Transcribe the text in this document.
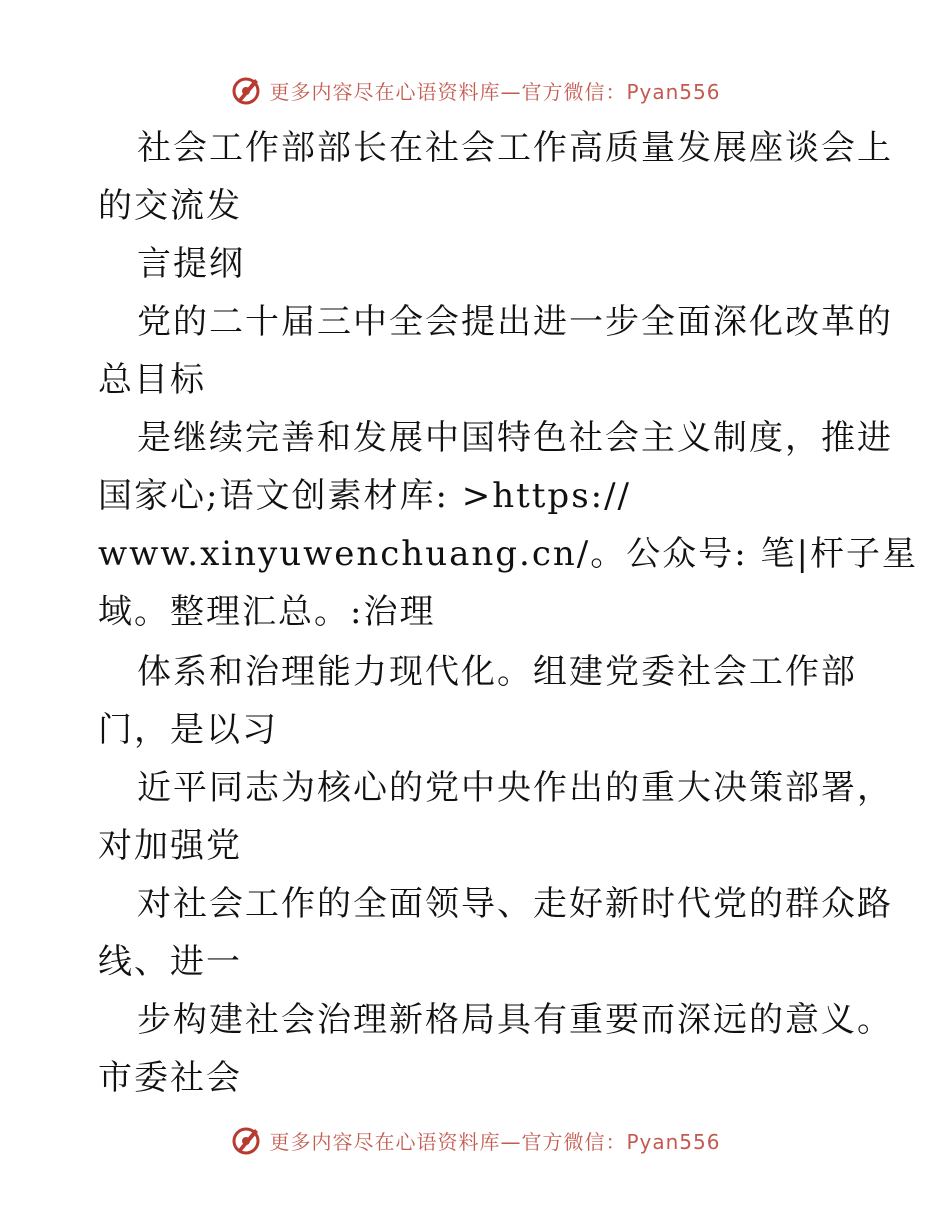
更多内容尽在心语资料库—官方微信：Pyan556
社会工作部部长在社会工作高质量发展座谈会上
的交流发
言提纲
党的二十届三中全会提出进一步全面深化改革的
总目标
是继续完善和发展中国特色社会主义制度，推进
国家心;语文创素材库: >https://
www.xinyuwenchuang.cn/。公众号: 笔|杆子星
域。整理汇总。:治理
体系和治理能力现代化。组建党委社会工作部
门，是以习
近平同志为核心的党中央作出的重大决策部署，
对加强党
对社会工作的全面领导、走好新时代党的群众路
线、进一
步构建社会治理新格局具有重要而深远的意义。
市委社会
更多内容尽在心语资料库—官方微信：Pyan556
